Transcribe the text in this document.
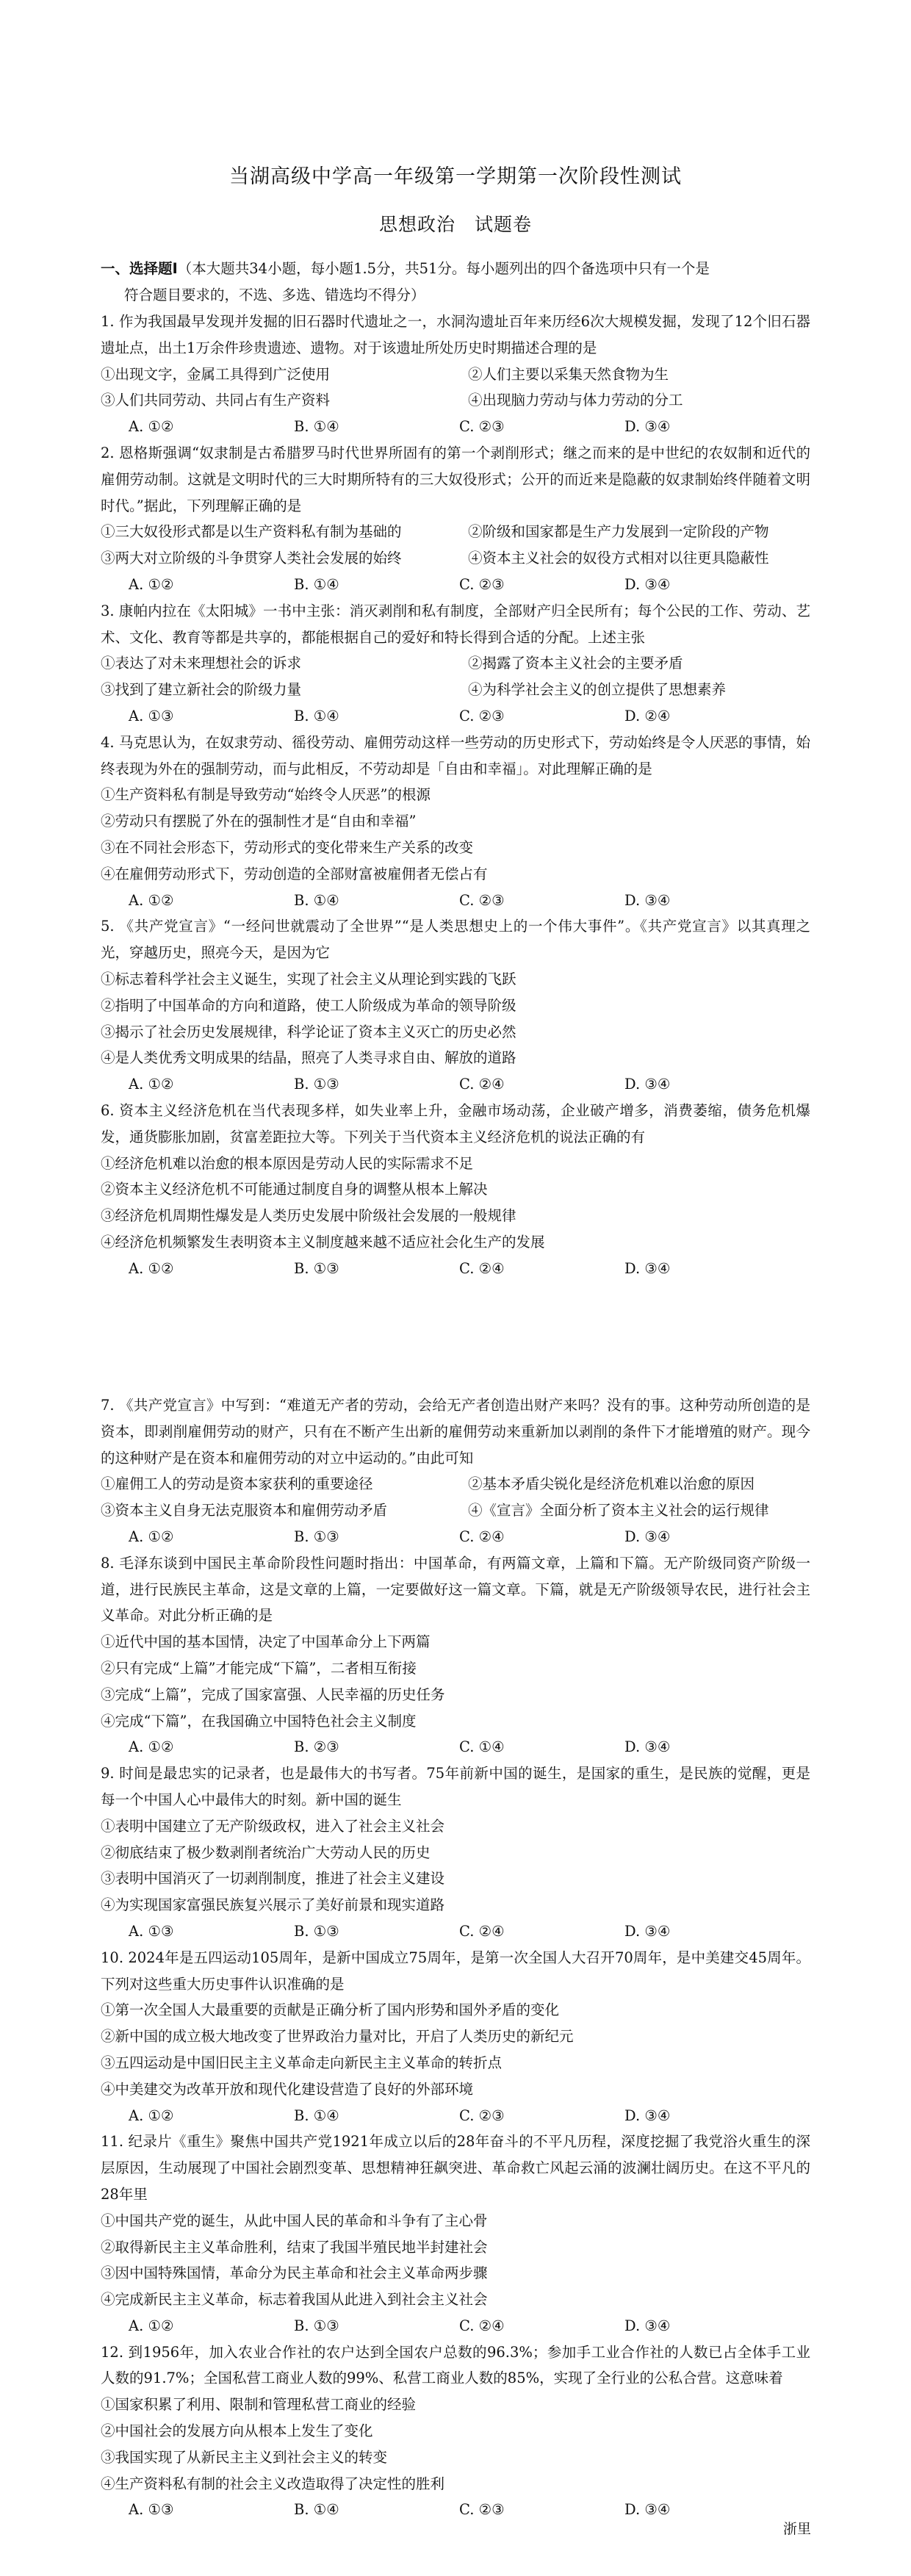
当湖高级中学高一年级第一学期第一次阶段性测试
思想政治　试题卷
一、选择题Ⅰ（本大题共34小题，每小题1.5分，共51分。每小题列出的四个备选项中只有一个是
符合题目要求的，不选、多选、错选均不得分）
1. 作为我国最早发现并发掘的旧石器时代遗址之一，水洞沟遗址百年来历经6次大规模发掘，发现了12个旧石器遗址点，出土1万余件珍贵遗迹、遗物。对于该遗址所处历史时期描述合理的是
①出现文字，金属工具得到广泛使用	②人们主要以采集天然食物为生
③人们共同劳动、共同占有生产资料	④出现脑力劳动与体力劳动的分工
A. ①②	B. ①④	C. ②③	D. ③④
2. 恩格斯强调“奴隶制是古希腊罗马时代世界所固有的第一个剥削形式；继之而来的是中世纪的农奴制和近代的雇佣劳动制。这就是文明时代的三大时期所特有的三大奴役形式；公开的而近来是隐蔽的奴隶制始终伴随着文明时代。”据此，下列理解正确的是
①三大奴役形式都是以生产资料私有制为基础的	②阶级和国家都是生产力发展到一定阶段的产物
③两大对立阶级的斗争贯穿人类社会发展的始终	④资本主义社会的奴役方式相对以往更具隐蔽性
A. ①②	B. ①④	C. ②③	D. ③④
3. 康帕内拉在《太阳城》一书中主张：消灭剥削和私有制度，全部财产归全民所有；每个公民的工作、劳动、艺术、文化、教育等都是共享的，都能根据自己的爱好和特长得到合适的分配。上述主张
①表达了对未来理想社会的诉求	②揭露了资本主义社会的主要矛盾
③找到了建立新社会的阶级力量	④为科学社会主义的创立提供了思想素养
A. ①③	B. ①④	C. ②③	D. ②④
4. 马克思认为，在奴隶劳动、徭役劳动、雇佣劳动这样一些劳动的历史形式下，劳动始终是令人厌恶的事情，始终表现为外在的强制劳动，而与此相反，不劳动却是「自由和幸福」。对此理解正确的是
①生产资料私有制是导致劳动“始终令人厌恶”的根源
②劳动只有摆脱了外在的强制性才是“自由和幸福”
③在不同社会形态下，劳动形式的变化带来生产关系的改变
④在雇佣劳动形式下，劳动创造的全部财富被雇佣者无偿占有
A. ①②	B. ①④	C. ②③	D. ③④
5. 《共产党宣言》“一经问世就震动了全世界”“是人类思想史上的一个伟大事件”。《共产党宣言》以其真理之光，穿越历史，照亮今天，是因为它
①标志着科学社会主义诞生，实现了社会主义从理论到实践的飞跃
②指明了中国革命的方向和道路，使工人阶级成为革命的领导阶级
③揭示了社会历史发展规律，科学论证了资本主义灭亡的历史必然
④是人类优秀文明成果的结晶，照亮了人类寻求自由、解放的道路
A. ①②	B. ①③	C. ②④	D. ③④
6. 资本主义经济危机在当代表现多样，如失业率上升，金融市场动荡，企业破产增多，消费萎缩，债务危机爆发，通货膨胀加剧，贫富差距拉大等。下列关于当代资本主义经济危机的说法正确的有
①经济危机难以治愈的根本原因是劳动人民的实际需求不足
②资本主义经济危机不可能通过制度自身的调整从根本上解决
③经济危机周期性爆发是人类历史发展中阶级社会发展的一般规律
④经济危机频繁发生表明资本主义制度越来越不适应社会化生产的发展
A. ①②	B. ①③	C. ②④	D. ③④
7. 《共产党宣言》中写到：“难道无产者的劳动，会给无产者创造出财产来吗？没有的事。这种劳动所创造的是资本，即剥削雇佣劳动的财产，只有在不断产生出新的雇佣劳动来重新加以剥削的条件下才能增殖的财产。现今的这种财产是在资本和雇佣劳动的对立中运动的。”由此可知
①雇佣工人的劳动是资本家获利的重要途径	②基本矛盾尖锐化是经济危机难以治愈的原因
③资本主义自身无法克服资本和雇佣劳动矛盾	④《宣言》全面分析了资本主义社会的运行规律
A. ①②	B. ①③	C. ②④	D. ③④
8. 毛泽东谈到中国民主革命阶段性问题时指出：中国革命，有两篇文章，上篇和下篇。无产阶级同资产阶级一道，进行民族民主革命，这是文章的上篇，一定要做好这一篇文章。下篇，就是无产阶级领导农民，进行社会主义革命。对此分析正确的是
①近代中国的基本国情，决定了中国革命分上下两篇
②只有完成“上篇”才能完成“下篇”，二者相互衔接
③完成“上篇”，完成了国家富强、人民幸福的历史任务
④完成“下篇”，在我国确立中国特色社会主义制度
A. ①②	B. ②③	C. ①④	D. ③④
9. 时间是最忠实的记录者，也是最伟大的书写者。75年前新中国的诞生，是国家的重生，是民族的觉醒，更是每一个中国人心中最伟大的时刻。新中国的诞生
①表明中国建立了无产阶级政权，进入了社会主义社会
②彻底结束了极少数剥削者统治广大劳动人民的历史
③表明中国消灭了一切剥削制度，推进了社会主义建设
④为实现国家富强民族复兴展示了美好前景和现实道路
A. ①③	B. ①③	C. ②④	D. ③④
10. 2024年是五四运动105周年，是新中国成立75周年，是第一次全国人大召开70周年，是中美建交45周年。下列对这些重大历史事件认识准确的是
①第一次全国人大最重要的贡献是正确分析了国内形势和国外矛盾的变化
②新中国的成立极大地改变了世界政治力量对比，开启了人类历史的新纪元
③五四运动是中国旧民主主义革命走向新民主主义革命的转折点
④中美建交为改革开放和现代化建设营造了良好的外部环境
A. ①②	B. ①④	C. ②③	D. ③④
11. 纪录片《重生》聚焦中国共产党1921年成立以后的28年奋斗的不平凡历程，深度挖掘了我党浴火重生的深层原因，生动展现了中国社会剧烈变革、思想精神狂飙突进、革命救亡风起云涌的波澜壮阔历史。在这不平凡的28年里
①中国共产党的诞生，从此中国人民的革命和斗争有了主心骨
②取得新民主主义革命胜利，结束了我国半殖民地半封建社会
③因中国特殊国情，革命分为民主革命和社会主义革命两步骤
④完成新民主主义革命，标志着我国从此进入到社会主义社会
A. ①②	B. ①③	C. ②④	D. ③④
12. 到1956年，加入农业合作社的农户达到全国农户总数的96.3%；参加手工业合作社的人数已占全体手工业人数的91.7%；全国私营工商业人数的99%、私营工商业人数的85%，实现了全行业的公私合营。这意味着
①国家积累了利用、限制和管理私营工商业的经验
②中国社会的发展方向从根本上发生了变化
③我国实现了从新民主主义到社会主义的转变
④生产资料私有制的社会主义改造取得了决定性的胜利
A. ①③	B. ①④	C. ②③	D. ③④
浙里
